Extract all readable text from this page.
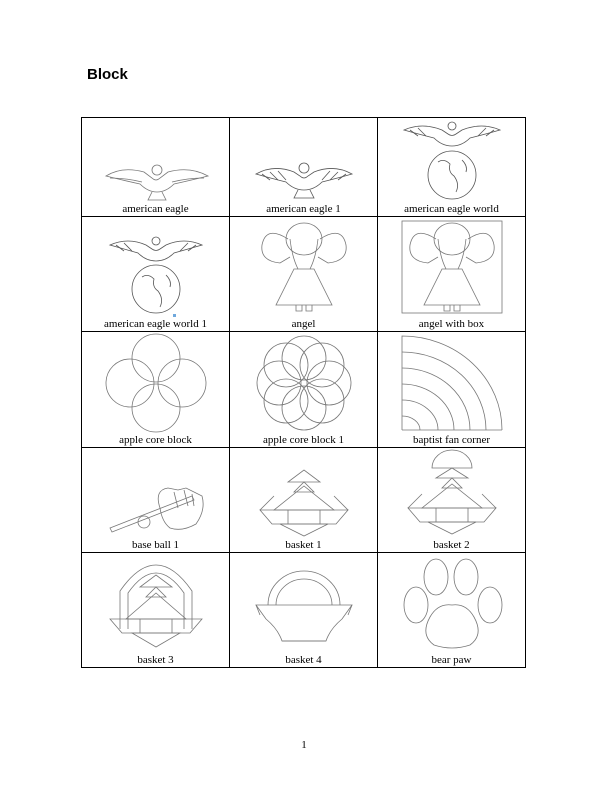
Block
american eagle	american eagle 1	american eagle world

american eagle world 1	angel	angel with box

apple core block	apple core block 1	baptist fan corner

base ball 1	basket 1	basket 2

basket 3	basket 4	bear paw
1
